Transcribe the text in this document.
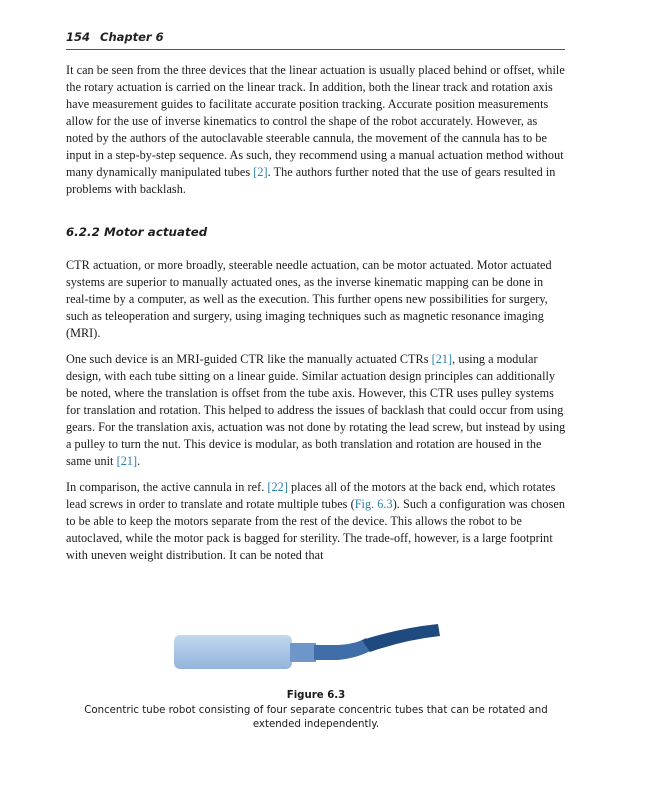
154 Chapter 6

It can be seen from the three devices that the linear actuation is usually placed behind or offset, while the rotary actuation is carried on the linear track. In addition, both the linear track and rotation axis have measurement guides to facilitate accurate position tracking. Accurate position measurements allow for the use of inverse kinematics to control the shape of the robot accurately. However, as noted by the authors of the autoclavable steerable cannula, the movement of the cannula has to be input in a step-by-step sequence. As such, they recommend using a manual actuation method without many dynamically manipulated tubes [2]. The authors further noted that the use of gears resulted in problems with backlash.

6.2.2 Motor actuated

CTR actuation, or more broadly, steerable needle actuation, can be motor actuated. Motor actuated systems are superior to manually actuated ones, as the inverse kinematic mapping can be done in real-time by a computer, as well as the execution. This further opens new possibilities for surgery, such as teleoperation and surgery, using imaging techniques such as magnetic resonance imaging (MRI).

One such device is an MRI-guided CTR like the manually actuated CTRs [21], using a modular design, with each tube sitting on a linear guide. Similar actuation design principles can additionally be noted, where the translation is offset from the tube axis. However, this CTR uses pulley systems for translation and rotation. This helped to address the issues of backlash that could occur from using gears. For the translation axis, actuation was not done by rotating the lead screw, but instead by using a pulley to turn the nut. This device is modular, as both translation and rotation are housed in the same unit [21].

In comparison, the active cannula in ref. [22] places all of the motors at the back end, which rotates lead screws in order to translate and rotate multiple tubes (Fig. 6.3). Such a configuration was chosen to be able to keep the motors separate from the rest of the device. This allows the robot to be autoclaved, while the motor pack is bagged for sterility. The trade-off, however, is a large footprint with uneven weight distribution. It can be noted that

Figure 6.3
Concentric tube robot consisting of four separate concentric tubes that can be rotated and extended independently.
